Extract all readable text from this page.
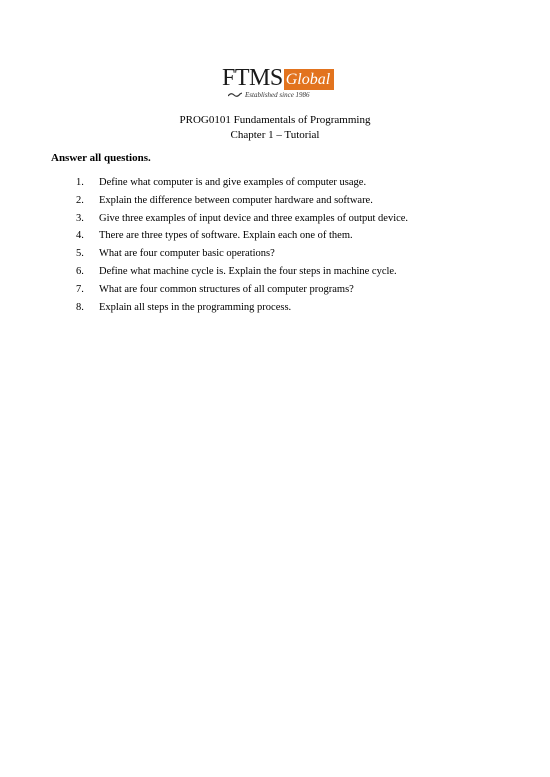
FTMS Global
Established since 1986
PROG0101 Fundamentals of Programming
Chapter 1 – Tutorial
Answer all questions.
1.	Define what computer is and give examples of computer usage.
2.	Explain the difference between computer hardware and software.
3.	Give three examples of input device and three examples of output device.
4.	There are three types of software. Explain each one of them.
5.	What are four computer basic operations?
6.	Define what machine cycle is. Explain the four steps in machine cycle.
7.	What are four common structures of all computer programs?
8.	Explain all steps in the programming process.
